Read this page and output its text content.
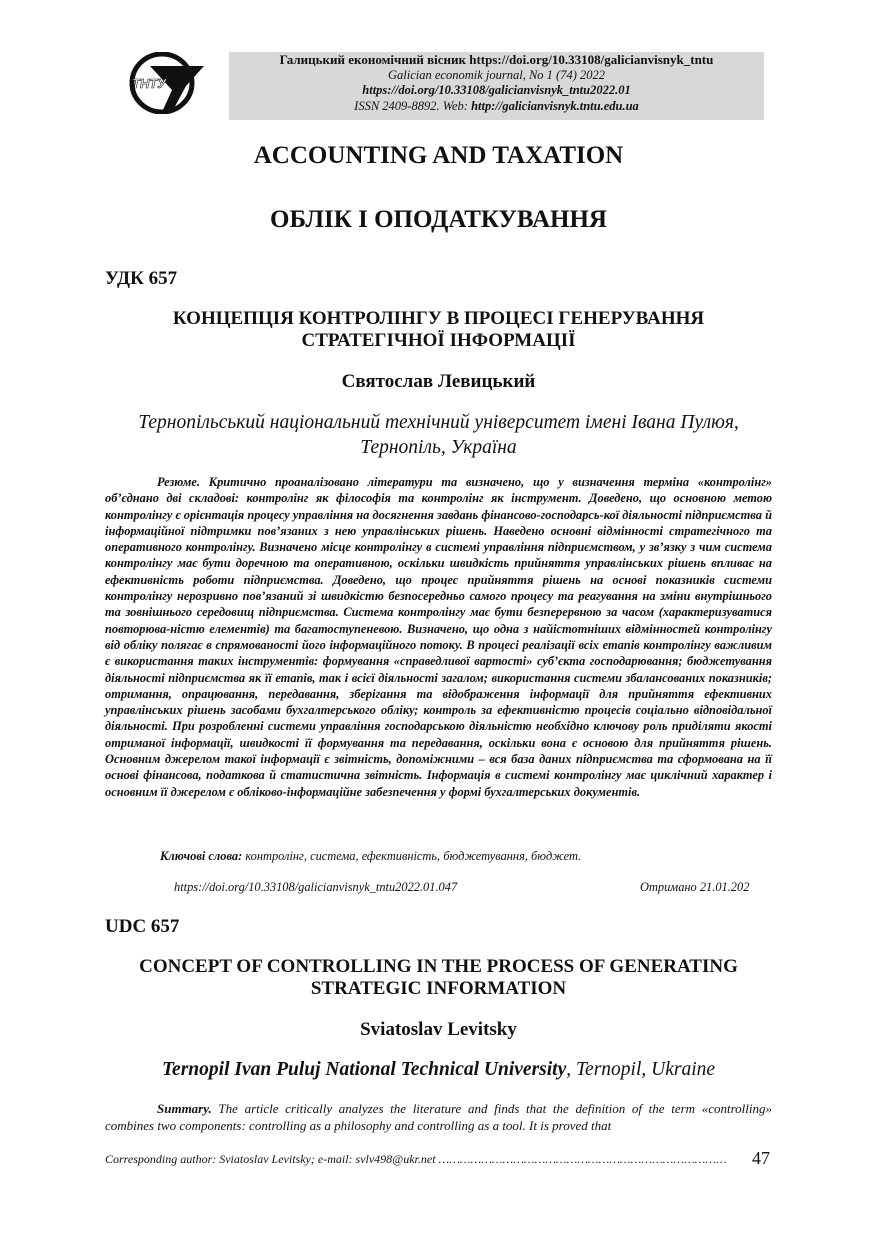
ТНТУ
Галицький економічний вісник https://doi.org/10.33108/galicianvisnyk_tntu
Galician economik journal, No 1 (74) 2022
https://doi.org/10.33108/galicianvisnyk_tntu2022.01
ISSN 2409-8892. Web: http://galicianvisnyk.tntu.edu.ua
ACCOUNTING AND TAXATION
ОБЛІК І ОПОДАТКУВАННЯ
УДК 657
КОНЦЕПЦІЯ КОНТРОЛІНГУ В ПРОЦЕСІ ГЕНЕРУВАННЯ
СТРАТЕГІЧНОЇ ІНФОРМАЦІЇ
Святослав Левицький
Тернопільський національний технічний університет імені Івана Пулюя,
Тернопіль, Україна
Резюме. Критично проаналізовано літератури та визначено, що у визначення терміна «контролінг» об’єднано дві складові: контролінг як філософія та контролінг як інструмент. Доведено, що основною метою контролінгу є орієнтація процесу управління на досягнення завдань фінансово-господарсь-кої діяльності підприємства й інформаційної підтримки пов’язаних з нею управлінських рішень. Наведено основні відмінності стратегічного та оперативного контролінгу. Визначено місце контролінгу в системі управління підприємством, у зв’язку з чим система контролінгу має бути доречною та оперативною, оскільки швидкість прийняття управлінських рішень впливає на ефективність роботи підприємства. Доведено, що процес прийняття рішень на основі показників системи контролінгу нерозривно пов’язаний зі швидкістю безпосередньо самого процесу та реагування на зміни внутрішнього та зовнішнього середовищ підприємства. Система контролінгу має бути безперервною за часом (характеризуватися повторюва-ністю елементів) та багатоступеневою. Визначено, що одна з найістотніших відмінностей контролінгу від обліку полягає в спрямованості його інформаційного потоку. В процесі реалізації всіх етапів контролінгу важливим є використання таких інструментів: формування «справедливої вартості» суб’єкта господарювання; бюджетування діяльності підприємства як її етапів, так і всієї діяльності загалом; використання системи збалансованих показників; отримання, опрацювання, передавання, зберігання та відображення інформації для прийняття ефективних управлінських рішень засобами бухгалтерського обліку; контроль за ефективністю процесів соціально відповідальної діяльності. При розробленні системи управління господарською діяльністю необхідно ключову роль приділяти якості отриманої інформації, швидкості її формування та передавання, оскільки вона є основою для прийняття рішень. Основним джерелом такої інформації є звітність, допоміжними – вся база даних підприємства та сформована на її основі фінансова, податкова й статистична звітність. Інформація в системі контролінгу має циклічний характер і основним її джерелом є обліково-інформаційне забезпечення у формі бухгалтерських документів.
Ключові слова: контролінг, система, ефективність, бюджетування, бюджет.
https://doi.org/10.33108/galicianvisnyk_tntu2022.01.047	Отримано 21.01.202
UDC 657
CONCEPT OF CONTROLLING IN THE PROCESS OF GENERATING
STRATEGIC INFORMATION
Sviatoslav Levitsky
Ternopil Ivan Puluj National Technical University, Ternopil, Ukraine
Summary. The article critically analyzes the literature and finds that the definition of the term «controlling» combines two components: controlling as a philosophy and controlling as a tool. It is proved that
Corresponding author: Sviatoslav Levitsky; e-mail: svlv498@ukr.net ………………………………………………………………………	47
